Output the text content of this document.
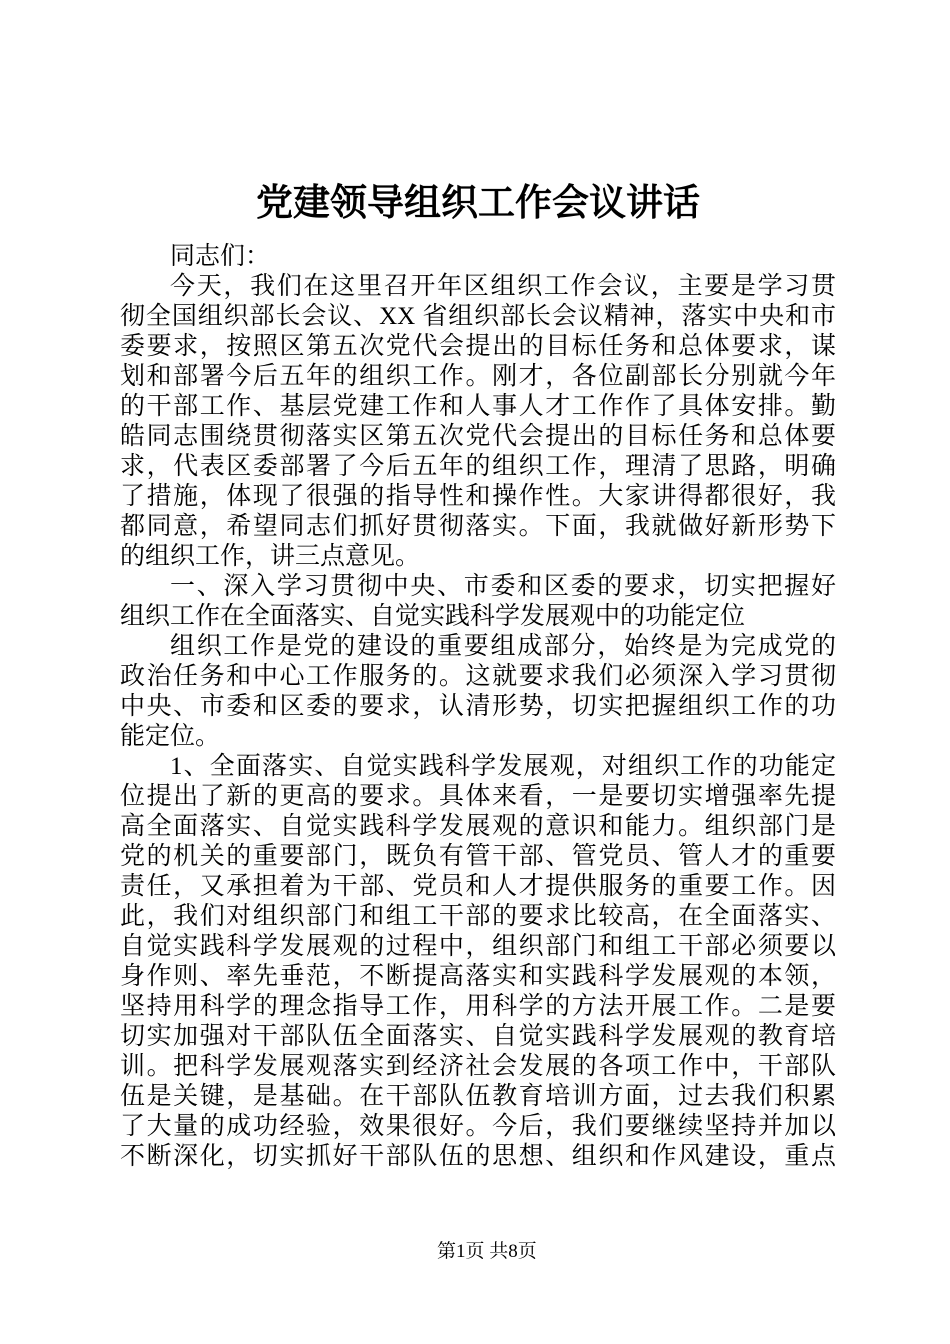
党建领导组织工作会议讲话
同志们：
今天，我们在这里召开年区组织工作会议，主要是学习贯
彻全国组织部长会议、XX 省组织部长会议精神，落实中央和市
委要求，按照区第五次党代会提出的目标任务和总体要求，谋
划和部署今后五年的组织工作。刚才，各位副部长分别就今年
的干部工作、基层党建工作和人事人才工作作了具体安排。勤
皓同志围绕贯彻落实区第五次党代会提出的目标任务和总体要
求，代表区委部署了今后五年的组织工作，理清了思路，明确
了措施，体现了很强的指导性和操作性。大家讲得都很好，我
都同意，希望同志们抓好贯彻落实。下面，我就做好新形势下
的组织工作，讲三点意见。
一、深入学习贯彻中央、市委和区委的要求，切实把握好
组织工作在全面落实、自觉实践科学发展观中的功能定位
组织工作是党的建设的重要组成部分，始终是为完成党的
政治任务和中心工作服务的。这就要求我们必须深入学习贯彻
中央、市委和区委的要求，认清形势，切实把握组织工作的功
能定位。
1、全面落实、自觉实践科学发展观，对组织工作的功能定
位提出了新的更高的要求。具体来看，一是要切实增强率先提
高全面落实、自觉实践科学发展观的意识和能力。组织部门是
党的机关的重要部门，既负有管干部、管党员、管人才的重要
责任，又承担着为干部、党员和人才提供服务的重要工作。因
此，我们对组织部门和组工干部的要求比较高，在全面落实、
自觉实践科学发展观的过程中，组织部门和组工干部必须要以
身作则、率先垂范，不断提高落实和实践科学发展观的本领，
坚持用科学的理念指导工作，用科学的方法开展工作。二是要
切实加强对干部队伍全面落实、自觉实践科学发展观的教育培
训。把科学发展观落实到经济社会发展的各项工作中，干部队
伍是关键，是基础。在干部队伍教育培训方面，过去我们积累
了大量的成功经验，效果很好。今后，我们要继续坚持并加以
不断深化，切实抓好干部队伍的思想、组织和作风建设，重点
第1页 共8页
